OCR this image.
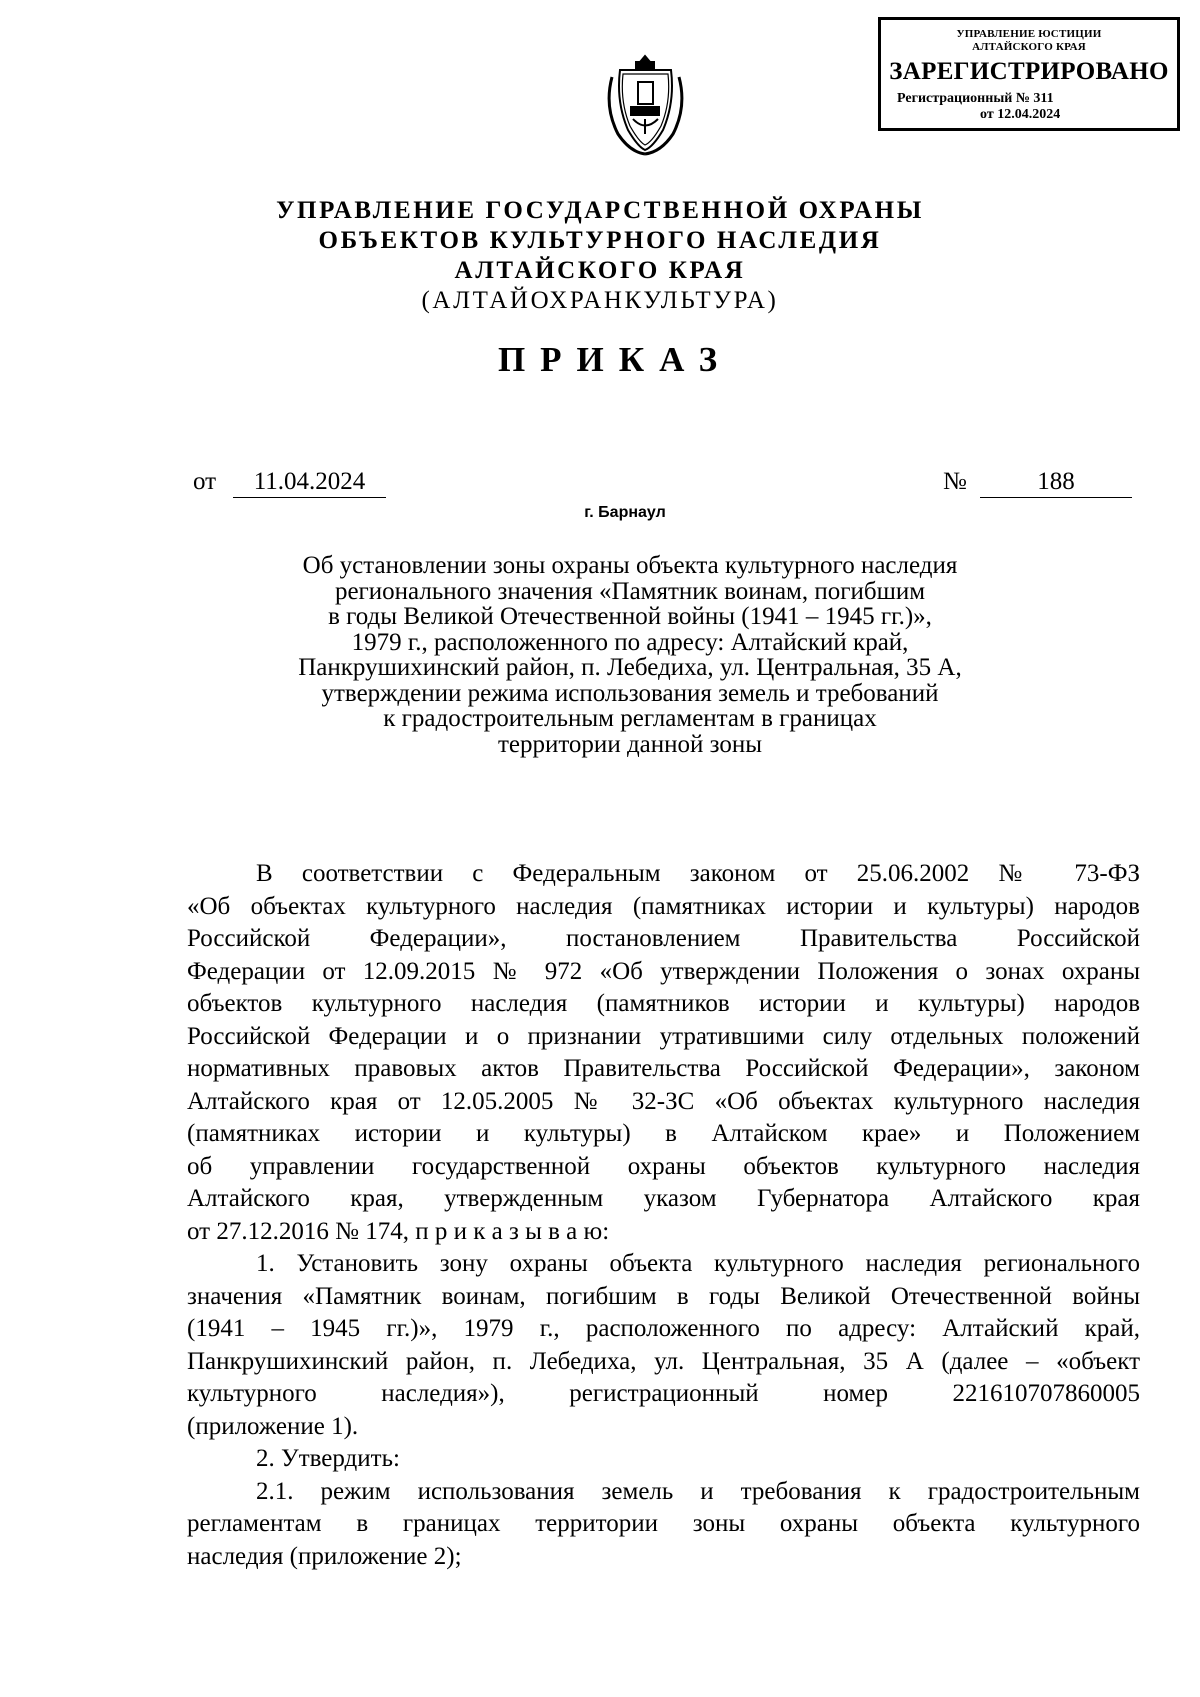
УПРАВЛЕНИЕ ЮСТИЦИИ
АЛТАЙСКОГО КРАЯ
ЗАРЕГИСТРИРОВАНО
Регистрационный № 311
от 12.04.2024
УПРАВЛЕНИЕ ГОСУДАРСТВЕННОЙ ОХРАНЫ
ОБЪЕКТОВ КУЛЬТУРНОГО НАСЛЕДИЯ
АЛТАЙСКОГО КРАЯ
(АЛТАЙОХРАНКУЛЬТУРА)
ПРИКАЗ
от	11.04.2024	№	188
г. Барнаул
Об установлении зоны охраны объекта культурного наследия
регионального значения «Памятник воинам, погибшим
в годы Великой Отечественной войны (1941 – 1945 гг.)»,
1979 г., расположенного по адресу: Алтайский край,
Панкрушихинский район, п. Лебедиха, ул. Центральная, 35 А,
утверждении режима использования земель и требований
к градостроительным регламентам в границах
территории данной зоны
В соответствии с Федеральным законом от 25.06.2002 № 73-ФЗ
«Об объектах культурного наследия (памятниках истории и культуры) народов
Российской Федерации», постановлением Правительства Российской
Федерации от 12.09.2015 № 972 «Об утверждении Положения о зонах охраны
объектов культурного наследия (памятников истории и культуры) народов
Российской Федерации и о признании утратившими силу отдельных положений
нормативных правовых актов Правительства Российской Федерации», законом
Алтайского края от 12.05.2005 № 32-ЗС «Об объектах культурного наследия
(памятниках истории и культуры) в Алтайском крае» и Положением
об управлении государственной охраны объектов культурного наследия
Алтайского края, утвержденным указом Губернатора Алтайского края
от 27.12.2016 № 174, п р и к а з ы в а ю:
1. Установить зону охраны объекта культурного наследия регионального
значения «Памятник воинам, погибшим в годы Великой Отечественной войны
(1941 – 1945 гг.)», 1979 г., расположенного по адресу: Алтайский край,
Панкрушихинский район, п. Лебедиха, ул. Центральная, 35 А (далее – «объект
культурного наследия»), регистрационный номер 221610707860005
(приложение 1).
2. Утвердить:
2.1. режим использования земель и требования к градостроительным
регламентам в границах территории зоны охраны объекта культурного
наследия (приложение 2);
